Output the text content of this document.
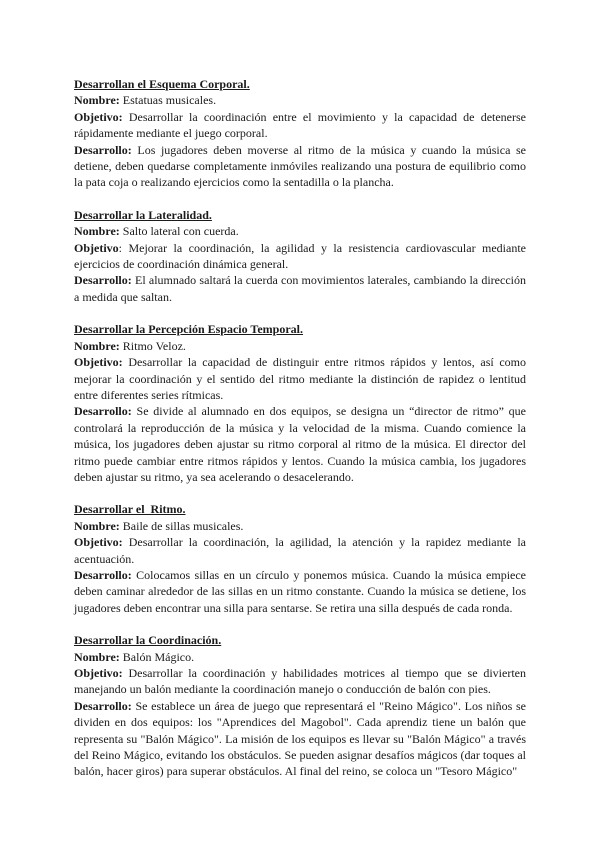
Desarrollan el Esquema Corporal.

Nombre: Estatuas musicales.

Objetivo: Desarrollar la coordinación entre el movimiento y la capacidad de detenerse rápidamente mediante el juego corporal.

Desarrollo: Los jugadores deben moverse al ritmo de la música y cuando la música se detiene, deben quedarse completamente inmóviles realizando una postura de equilibrio como la pata coja o realizando ejercicios como la sentadilla o la plancha.

Desarrollar la Lateralidad.

Nombre: Salto lateral con cuerda.

Objetivo: Mejorar la coordinación, la agilidad y la resistencia cardiovascular mediante ejercicios de coordinación dinámica general.

Desarrollo: El alumnado saltará la cuerda con movimientos laterales, cambiando la dirección a medida que saltan.

Desarrollar la Percepción Espacio Temporal.

Nombre: Ritmo Veloz.

Objetivo: Desarrollar la capacidad de distinguir entre ritmos rápidos y lentos, así como mejorar la coordinación y el sentido del ritmo mediante la distinción de rapidez o lentitud entre diferentes series rítmicas.

Desarrollo: Se divide al alumnado en dos equipos, se designa un “director de ritmo” que controlará la reproducción de la música y la velocidad de la misma. Cuando comience la música, los jugadores deben ajustar su ritmo corporal al ritmo de la música. El director del ritmo puede cambiar entre ritmos rápidos y lentos. Cuando la música cambia, los jugadores deben ajustar su ritmo, ya sea acelerando o desacelerando.

Desarrollar el  Ritmo.

Nombre: Baile de sillas musicales.

Objetivo: Desarrollar la coordinación, la agilidad, la atención y la rapidez mediante la acentuación.

Desarrollo: Colocamos sillas en un círculo y ponemos música. Cuando la música empiece deben caminar alrededor de las sillas en un ritmo constante. Cuando la música se detiene, los jugadores deben encontrar una silla para sentarse. Se retira una silla después de cada ronda.

Desarrollar la Coordinación.

Nombre: Balón Mágico.

Objetivo: Desarrollar la coordinación y habilidades motrices al tiempo que se divierten manejando un balón mediante la coordinación manejo o conducción de balón con pies.

Desarrollo: Se establece un área de juego que representará el "Reino Mágico". Los niños se dividen en dos equipos: los "Aprendices del Magobol". Cada aprendiz tiene un balón que representa su "Balón Mágico". La misión de los equipos es llevar su "Balón Mágico" a través del Reino Mágico, evitando los obstáculos. Se pueden asignar desafíos mágicos (dar toques al balón, hacer giros) para superar obstáculos. Al final del reino, se coloca un "Tesoro Mágico"
